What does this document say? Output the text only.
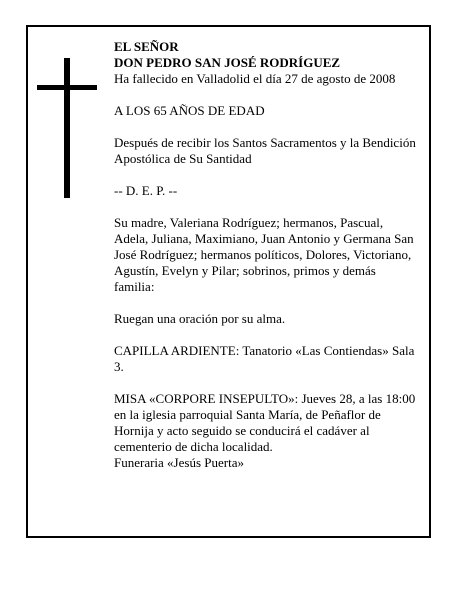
EL SEÑOR

DON PEDRO SAN JOSÉ RODRÍGUEZ

Ha fallecido en Valladolid el día 27 de agosto de 2008

A LOS 65 AÑOS DE EDAD

Después de recibir los Santos Sacramentos y la Bendición Apostólica de Su Santidad

-- D. E. P. --

Su madre, Valeriana Rodríguez; hermanos, Pascual, Adela, Juliana, Maximiano, Juan Antonio y Germana San José Rodríguez; hermanos políticos, Dolores, Victoriano, Agustín, Evelyn y Pilar; sobrinos, primos y demás familia:

Ruegan una oración por su alma.

CAPILLA ARDIENTE: Tanatorio «Las Contiendas» Sala 3.

MISA «CORPORE INSEPULTO»: Jueves 28, a las 18:00 en la iglesia parroquial Santa María, de Peñaflor de Hornija y acto seguido se conducirá el cadáver al cementerio de dicha localidad.

Funeraria «Jesús Puerta»
